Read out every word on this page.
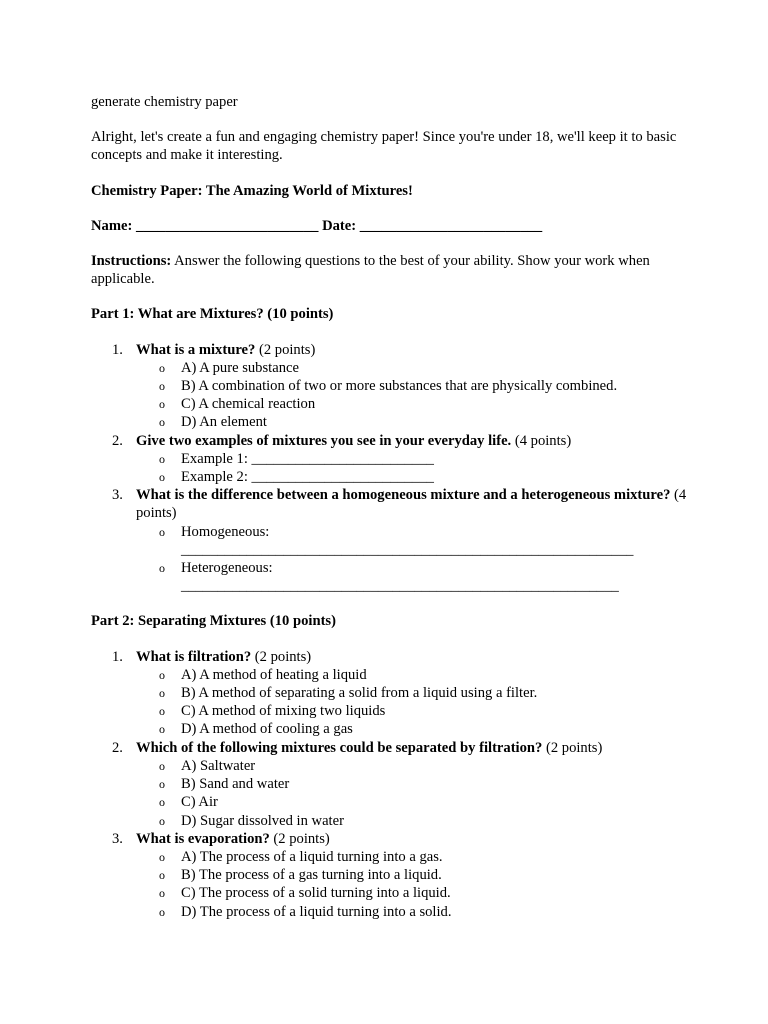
generate chemistry paper

Alright, let's create a fun and engaging chemistry paper! Since you're under 18, we'll keep it to basic concepts and make it interesting.

Chemistry Paper: The Amazing World of Mixtures!

Name: _________________________ Date: _________________________

Instructions: Answer the following questions to the best of your ability. Show your work when applicable.

Part 1: What are Mixtures? (10 points)

1. What is a mixture? (2 points)
o A) A pure substance
o B) A combination of two or more substances that are physically combined.
o C) A chemical reaction
o D) An element
2. Give two examples of mixtures you see in your everyday life. (4 points)
o Example 1: _________________________
o Example 2: _________________________
3. What is the difference between a homogeneous mixture and a heterogeneous mixture? (4 points)
o Homogeneous:
______________________________________________________________
o Heterogeneous:
____________________________________________________________

Part 2: Separating Mixtures (10 points)

1. What is filtration? (2 points)
o A) A method of heating a liquid
o B) A method of separating a solid from a liquid using a filter.
o C) A method of mixing two liquids
o D) A method of cooling a gas
2. Which of the following mixtures could be separated by filtration? (2 points)
o A) Saltwater
o B) Sand and water
o C) Air
o D) Sugar dissolved in water
3. What is evaporation? (2 points)
o A) The process of a liquid turning into a gas.
o B) The process of a gas turning into a liquid.
o C) The process of a solid turning into a liquid.
o D) The process of a liquid turning into a solid.
